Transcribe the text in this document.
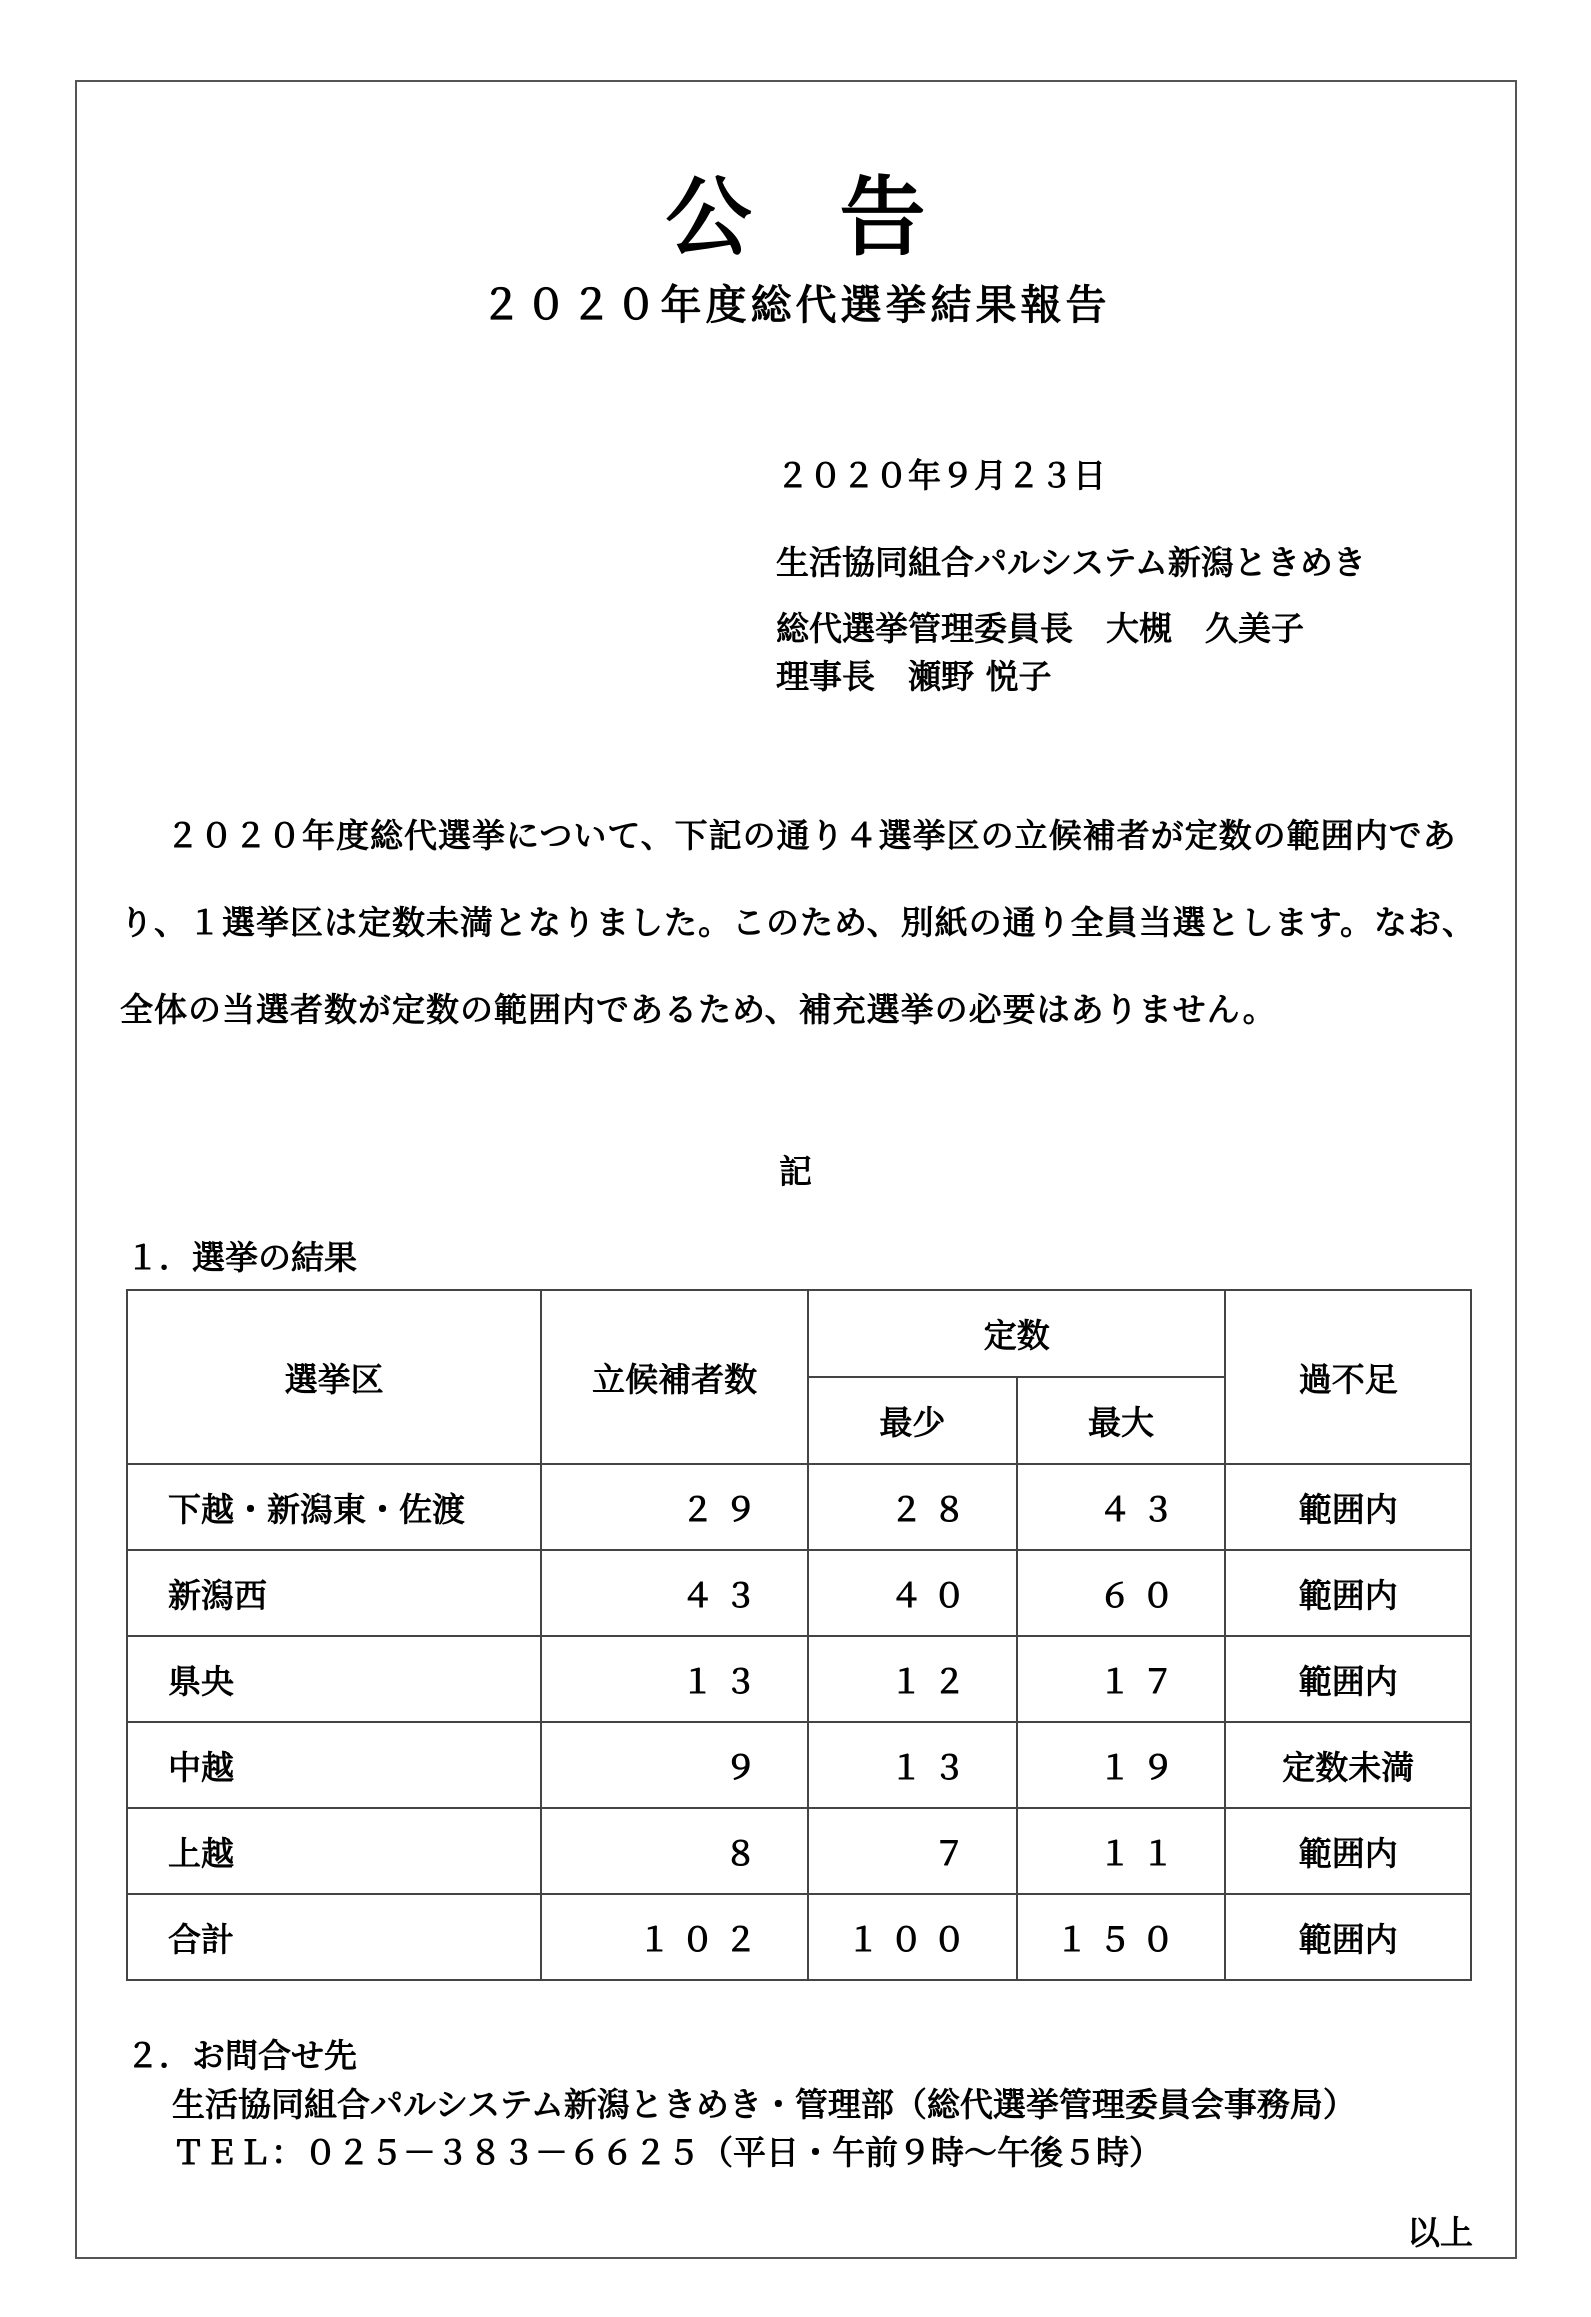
公告
２０２０年度総代選挙結果報告
２０２０年９月２３日
生活協同組合パルシステム新潟ときめき
総代選挙管理委員長　大槻　久美子
理事長　瀬野 悦子
２０２０年度総代選挙について、下記の通り４選挙区の立候補者が定数の範囲内であり、１選挙区は定数未満となりました。このため、別紙の通り全員当選とします。なお、全体の当選者数が定数の範囲内であるため、補充選挙の必要はありません。
記
１．選挙の結果
選挙区	立候補者数	定数		過不足
		最少	最大	
下越・新潟東・佐渡	２９	２８	４３	範囲内
新潟西	４３	４０	６０	範囲内
県央	１３	１２	１７	範囲内
中越	９	１３	１９	定数未満
上越	８	７	１１	範囲内
合計	１０２	１００	１５０	範囲内
２．お問合せ先
生活協同組合パルシステム新潟ときめき・管理部（総代選挙管理委員会事務局）
ＴＥＬ：０２５－３８３－６６２５（平日・午前９時～午後５時）
以上
